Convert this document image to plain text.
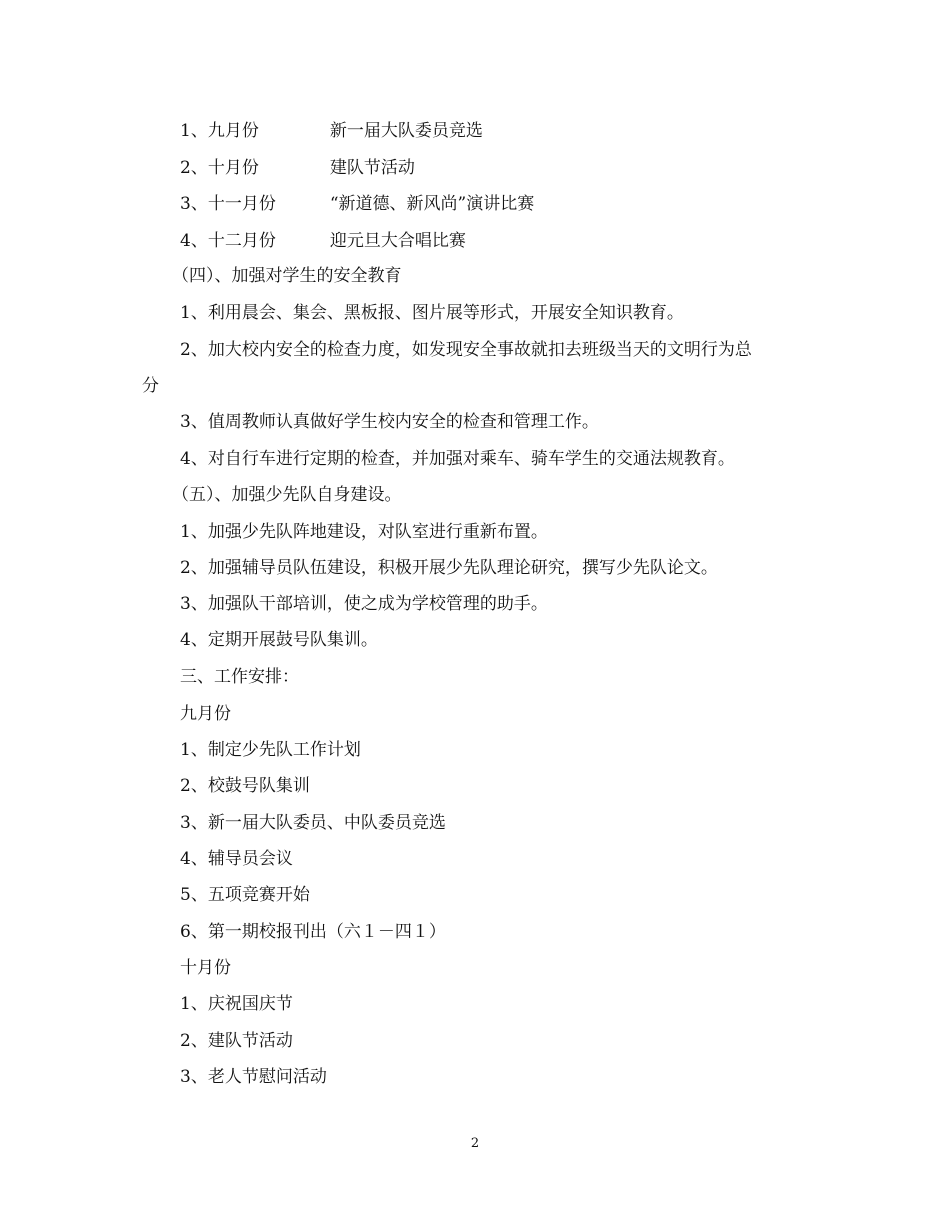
1、九月份	新一届大队委员竞选
2、十月份	建队节活动
3、十一月份	“新道德、新风尚”演讲比赛
4、十二月份	迎元旦大合唱比赛
（四）、加强对学生的安全教育
1、利用晨会、集会、黑板报、图片展等形式，开展安全知识教育。
2、加大校内安全的检查力度，如发现安全事故就扣去班级当天的文明行为总
分
3、值周教师认真做好学生校内安全的检查和管理工作。
4、对自行车进行定期的检查，并加强对乘车、骑车学生的交通法规教育。
（五）、加强少先队自身建设。
1、加强少先队阵地建设，对队室进行重新布置。
2、加强辅导员队伍建设，积极开展少先队理论研究，撰写少先队论文。
3、加强队干部培训，使之成为学校管理的助手。
4、定期开展鼓号队集训。
三、工作安排：
九月份
1、制定少先队工作计划
2、校鼓号队集训
3、新一届大队委员、中队委员竞选
4、辅导员会议
5、五项竞赛开始
6、第一期校报刊出（六１－四１）
十月份
1、庆祝国庆节
2、建队节活动
3、老人节慰问活动
2
